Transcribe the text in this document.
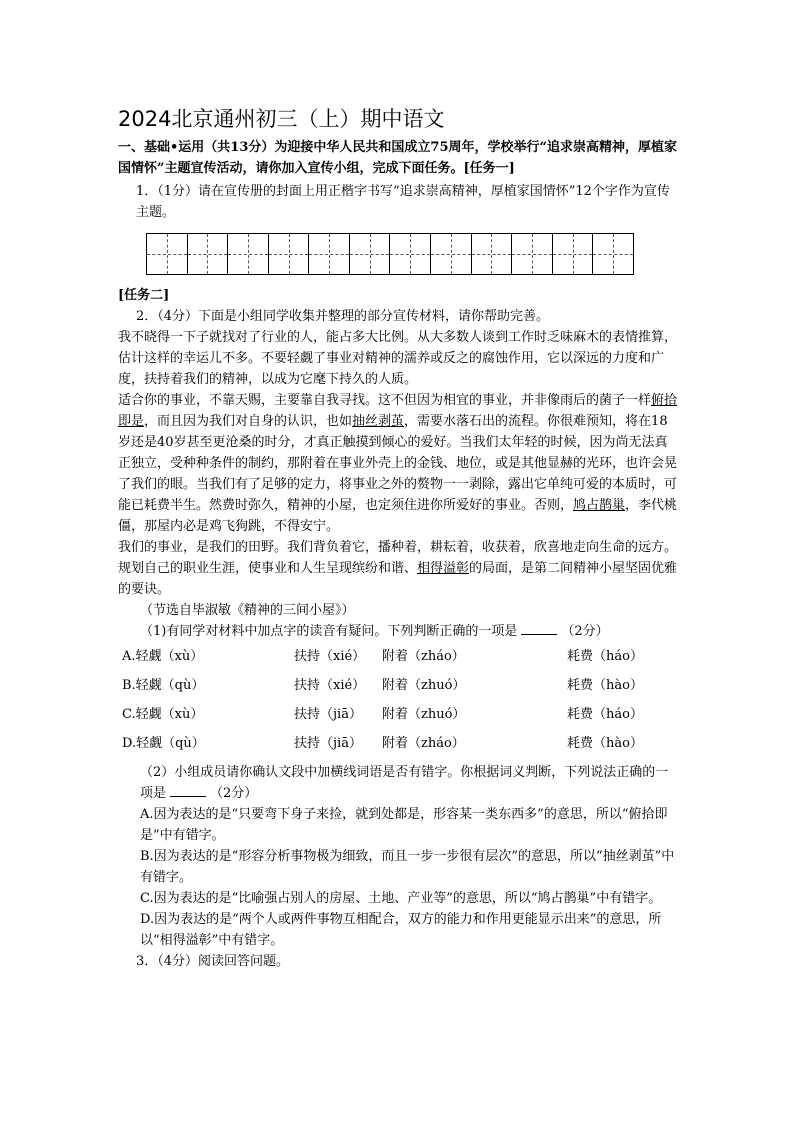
2024北京通州初三（上）期中语文

一、基础•运用（共13分）为迎接中华人民共和国成立75周年，学校举行“追求崇高精神，厚植家国情怀”主题宣传活动，请你加入宣传小组，完成下面任务。[任务一]

1．（1分）请在宣传册的封面上用正楷字书写“追求崇高精神，厚植家国情怀”12个字作为宣传主题。

[任务二]

2．（4分）下面是小组同学收集并整理的部分宣传材料，请你帮助完善。

我不晓得一下子就找对了行业的人，能占多大比例。从大多数人谈到工作时乏味麻木的表情推算，估计这样的幸运儿不多。不要轻觑了事业对精神的濡养或反之的腐蚀作用，它以深远的力度和广度，扶持着我们的精神，以成为它麾下持久的人质。

适合你的事业，不靠天赐，主要靠自我寻找。这不但因为相宜的事业，并非像雨后的菌子一样俯拾即是，而且因为我们对自身的认识，也如抽丝剥茧，需要水落石出的流程。你很难预知，将在18岁还是40岁甚至更沧桑的时分，才真正触摸到倾心的爱好。当我们太年轻的时候，因为尚无法真正独立，受种种条件的制约，那附着在事业外壳上的金钱、地位，或是其他显赫的光环，也许会晃了我们的眼。当我们有了足够的定力，将事业之外的赘物一一剥除，露出它单纯可爱的本质时，可能已耗费半生。然费时弥久，精神的小屋，也定须住进你所爱好的事业。否则，鸠占鹊巢，李代桃僵，那屋内必是鸡飞狗跳，不得安宁。

我们的事业，是我们的田野。我们背负着它，播种着，耕耘着，收获着，欣喜地走向生命的远方。规划自己的职业生涯，使事业和人生呈现缤纷和谐、相得溢彰的局面，是第二间精神小屋坚固优雅的要诀。

（节选自毕淑敏《精神的三间小屋》）

（1)有同学对材料中加点字的读音有疑问。下列判断正确的一项是	（2分）

A.轻觑（xù）	扶持（xié）	附着（zháo）	耗费（háo）
B.轻觑（qù）	扶持（xié）	附着（zhuó）	耗费（hào）
C.轻觑（xù）	扶持（jiā）	附着（zhuó）	耗费（háo）
D.轻觑（qù）	扶持（jiā）	附着（zháo）	耗费（hào）

（2）小组成员请你确认文段中加横线词语是否有错字。你根据词义判断，下列说法正确的一项是	（2分）

A.因为表达的是“只要弯下身子来捡，就到处都是，形容某一类东西多”的意思，所以“俯拾即是”中有错字。

B.因为表达的是“形容分析事物极为细致，而且一步一步很有层次”的意思，所以“抽丝剥茧”中有错字。

C.因为表达的是“比喻强占别人的房屋、土地、产业等”的意思，所以“鸠占鹊巢”中有错字。

D.因为表达的是“两个人或两件事物互相配合，双方的能力和作用更能显示出来”的意思，所以“相得溢彰”中有错字。

3．（4分）阅读回答问题。
